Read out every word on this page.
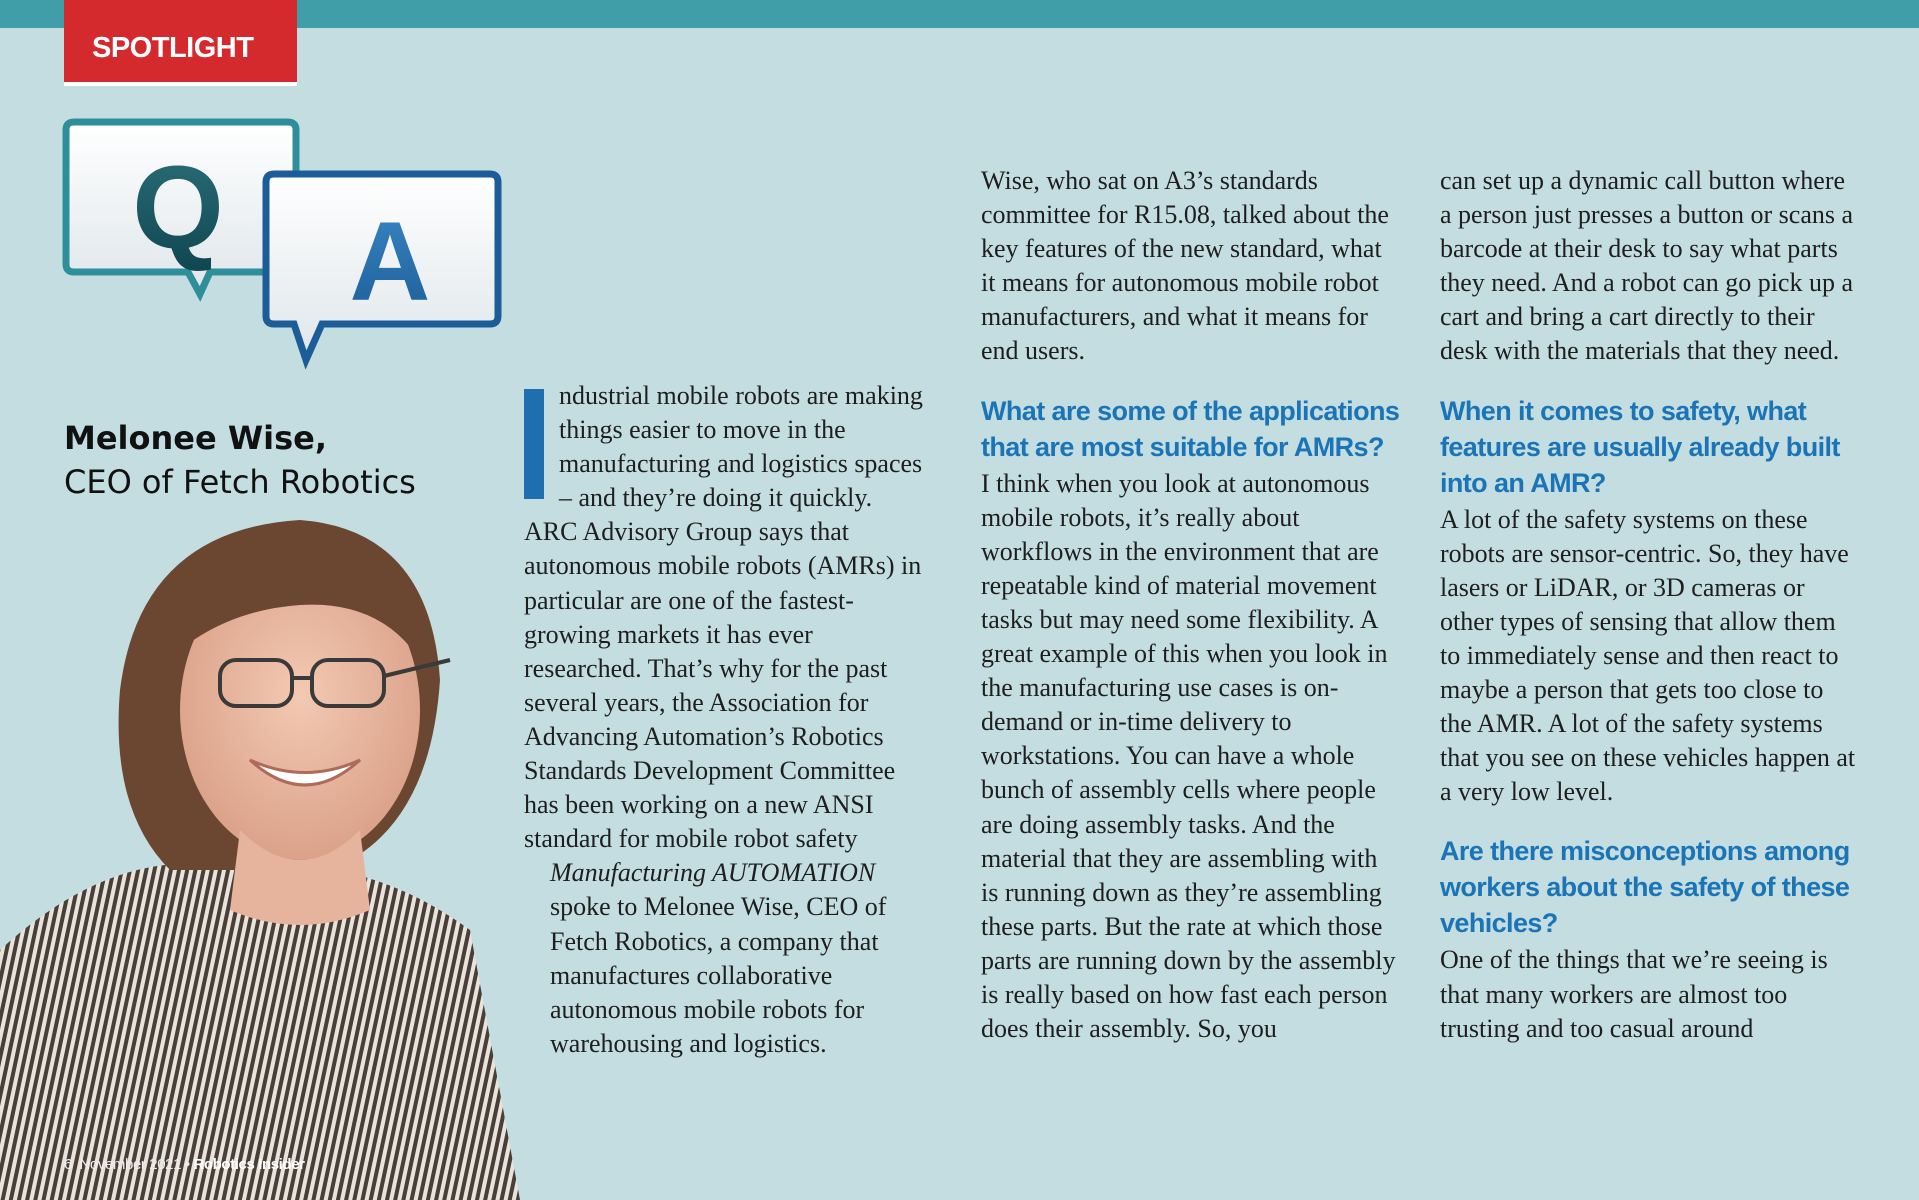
SPOTLIGHT
Q A
Melonee Wise,
CEO of Fetch Robotics
6 November 2021 • Robotics Insider

ndustrial mobile robots are making things easier to move in the manufacturing and logistics spaces – and they’re doing it quickly. ARC Advisory Group says that autonomous mobile robots (AMRs) in particular are one of the fastest-growing markets it has ever researched. That’s why for the past several years, the Association for Advancing Automation’s Robotics Standards Development Committee has been working on a new ANSI standard for mobile robot safety

Manufacturing AUTOMATION spoke to Melonee Wise, CEO of Fetch Robotics, a company that manufactures collaborative autonomous mobile robots for warehousing and logistics.

Wise, who sat on A3’s standards committee for R15.08, talked about the key features of the new standard, what it means for autonomous mobile robot manufacturers, and what it means for end users.

What are some of the applications that are most suitable for AMRs?

I think when you look at autonomous mobile robots, it’s really about workflows in the environment that are repeatable kind of material movement tasks but may need some flexibility. A great example of this when you look in the manufacturing use cases is on-demand or in-time delivery to workstations. You can have a whole bunch of assembly cells where people are doing assembly tasks. And the material that they are assembling with is running down as they’re assembling these parts. But the rate at which those parts are running down by the assembly is really based on how fast each person does their assembly. So, you

can set up a dynamic call button where a person just presses a button or scans a barcode at their desk to say what parts they need. And a robot can go pick up a cart and bring a cart directly to their desk with the materials that they need.

When it comes to safety, what features are usually already built into an AMR?

A lot of the safety systems on these robots are sensor-centric. So, they have lasers or LiDAR, or 3D cameras or other types of sensing that allow them to immediately sense and then react to maybe a person that gets too close to the AMR. A lot of the safety systems that you see on these vehicles happen at a very low level.

Are there misconceptions among workers about the safety of these vehicles?

One of the things that we’re seeing is that many workers are almost too trusting and too casual around
